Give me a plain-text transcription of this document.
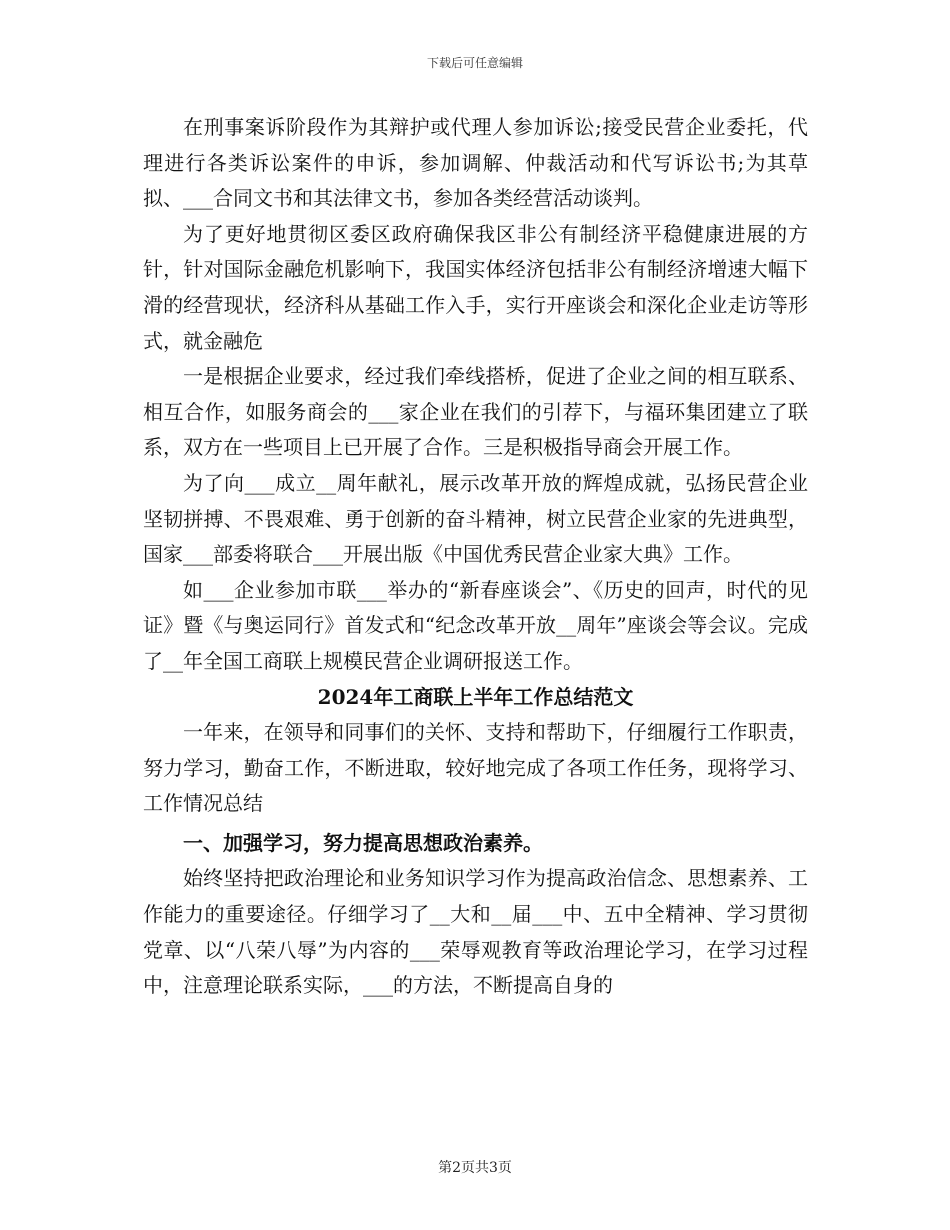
下载后可任意编辑

在刑事案诉阶段作为其辩护或代理人参加诉讼;接受民营企业委托，代理进行各类诉讼案件的申诉，参加调解、仲裁活动和代写诉讼书;为其草拟、___合同文书和其法律文书，参加各类经营活动谈判。

为了更好地贯彻区委区政府确保我区非公有制经济平稳健康进展的方针，针对国际金融危机影响下，我国实体经济包括非公有制经济增速大幅下滑的经营现状，经济科从基础工作入手，实行开座谈会和深化企业走访等形式，就金融危

一是根据企业要求，经过我们牵线搭桥，促进了企业之间的相互联系、相互合作，如服务商会的___家企业在我们的引荐下，与福环集团建立了联系，双方在一些项目上已开展了合作。三是积极指导商会开展工作。

为了向___成立__周年献礼，展示改革开放的辉煌成就，弘扬民营企业坚韧拼搏、不畏艰难、勇于创新的奋斗精神，树立民营企业家的先进典型，国家___部委将联合___开展出版《中国优秀民营企业家大典》工作。

如___企业参加市联___举办的“新春座谈会”、《历史的回声，时代的见证》暨《与奥运同行》首发式和“纪念改革开放__周年”座谈会等会议。完成了__年全国工商联上规模民营企业调研报送工作。

2024年工商联上半年工作总结范文

一年来，在领导和同事们的关怀、支持和帮助下，仔细履行工作职责，努力学习，勤奋工作，不断进取，较好地完成了各项工作任务，现将学习、工作情况总结

一、加强学习，努力提高思想政治素养。

始终坚持把政治理论和业务知识学习作为提高政治信念、思想素养、工作能力的重要途径。仔细学习了__大和__届___中、五中全精神、学习贯彻党章、以“八荣八辱”为内容的___荣辱观教育等政治理论学习，在学习过程中，注意理论联系实际，___的方法，不断提高自身的

第2页共3页
